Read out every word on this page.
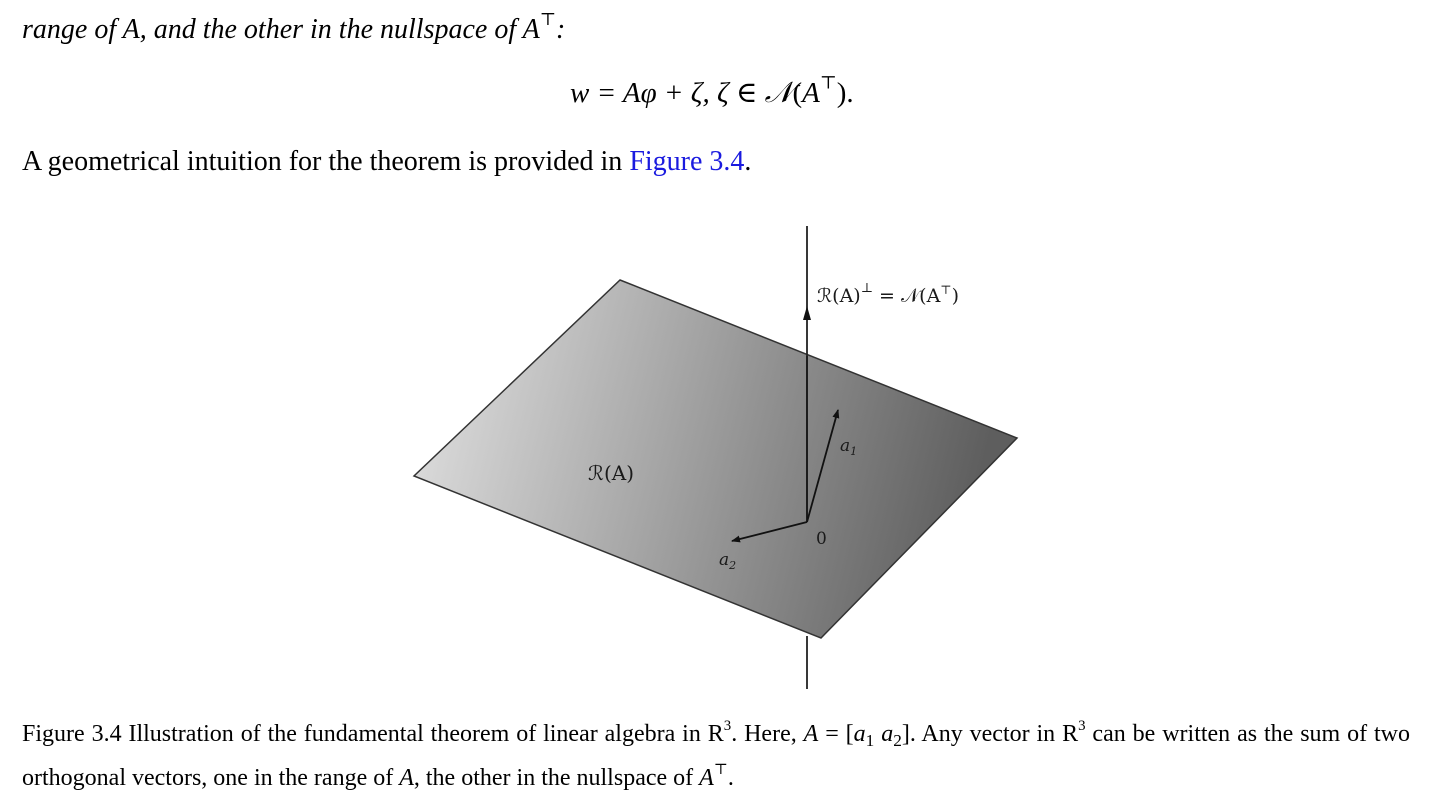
range of A, and the other in the nullspace of A⊤:
w = Aφ + ζ, ζ ∈ 𝒩(A⊤).
A geometrical intuition for the theorem is provided in Figure 3.4.
ℛ(A)
ℛ(A)⊥ = 𝒩(A⊤)
$a_1$
$a_2$
0
Figure 3.4 Illustration of the fundamental theorem of linear algebra in $R^3$. Here, $A = [a_1$ $a_2$]. Any vector in $R^3$ can be written as the sum of two orthogonal vectors, one in the range of A, the other in the nullspace of A⊤.
